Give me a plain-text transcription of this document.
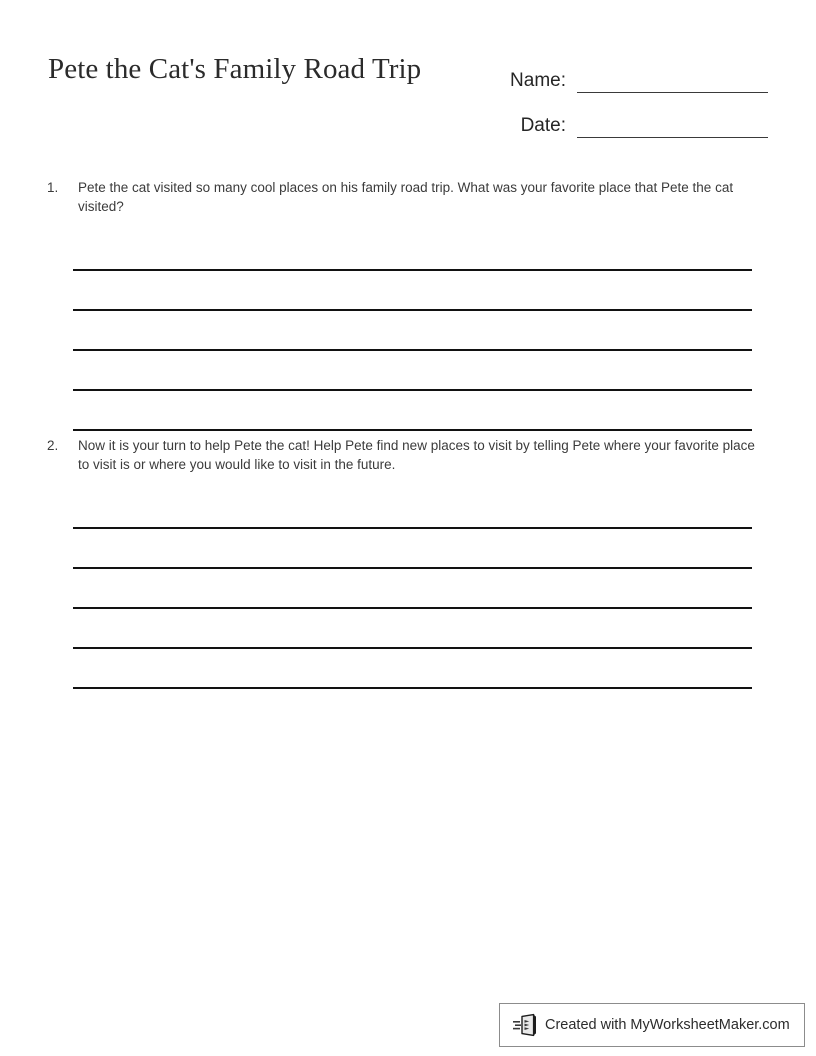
Pete the Cat's Family Road Trip	Name:
Date:
1.	Pete the cat visited so many cool places on his family road trip. What was your favorite place that Pete the cat visited?
2.	Now it is your turn to help Pete the cat! Help Pete find new places to visit by telling Pete where your favorite place to visit is or where you would like to visit in the future.
Created with MyWorksheetMaker.com
